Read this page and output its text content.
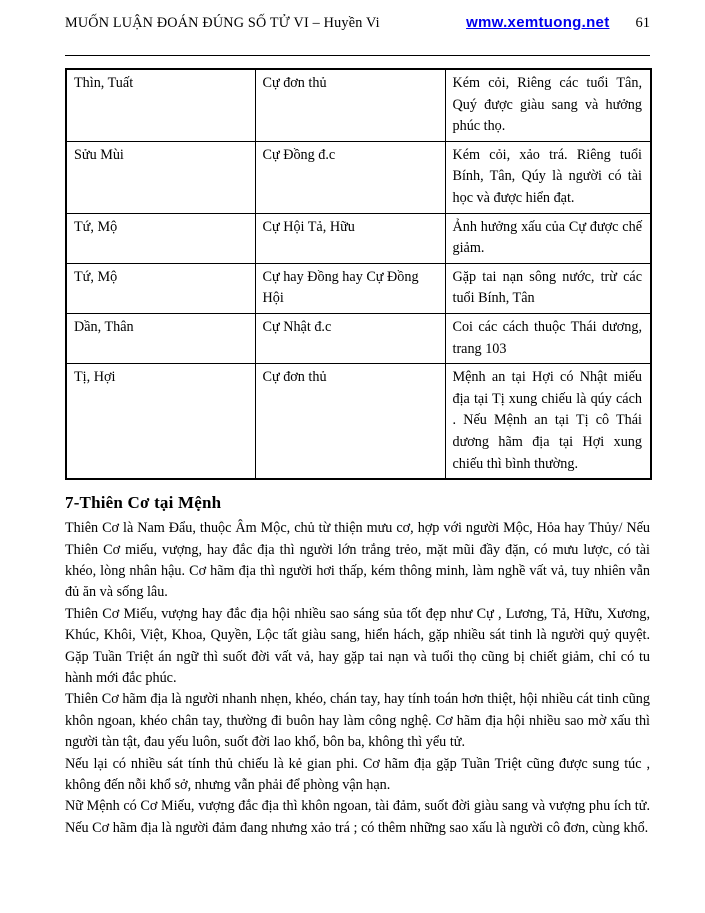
MUỐN LUẬN ĐOÁN ĐÚNG SỐ TỬ VI – Huyền Vi	wmw.xemtuong.net 61
Thìn, Tuất	Cự đơn thủ	Kém cỏi, Riêng các tuổi Tân, Quý được giàu sang và hưởng phúc thọ.
Sửu Mùi	Cự Đồng đ.c	Kém cỏi, xảo trá. Riêng tuổi Bính, Tân, Qúy là người có tài học và được hiển đạt.
Tứ, Mộ	Cự Hội Tả, Hữu	Ảnh hưởng xấu của Cự được chế giảm.
Tứ, Mộ	Cự hay Đồng hay Cự Đồng Hội	Gặp tai nạn sông nước, trừ các tuổi Bính, Tân
Dần, Thân	Cự Nhật đ.c	Coi các cách thuộc Thái dương, trang 103
Tị, Hợi	Cự đơn thủ	Mệnh an tại Hợi có Nhật miếu địa tại Tị xung chiếu là qúy cách . Nếu Mệnh an tại Tị cô Thái dương hãm địa tại Hợi xung chiếu thì bình thường.
7-Thiên Cơ tại Mệnh

Thiên Cơ là Nam Đẩu, thuộc Âm Mộc, chủ từ thiện mưu cơ, hợp với người Mộc, Hỏa hay Thủy/ Nếu Thiên Cơ miếu, vượng, hay đắc địa thì người lớn trắng trẻo, mặt mũi đầy đặn, có mưu lược, có tài khéo, lòng nhân hậu. Cơ hãm địa thì người hơi thấp, kém thông minh, làm nghề vất vả, tuy nhiên vẫn đủ ăn và sống lâu.

Thiên Cơ Miếu, vượng hay đắc địa hội nhiều sao sáng sủa tốt đẹp như Cự , Lương, Tả, Hữu, Xương, Khúc, Khôi, Việt, Khoa, Quyền, Lộc tất giàu sang, hiển hách, gặp nhiều sát tinh là người quỷ quyệt. Gặp Tuần Triệt án ngữ thì suốt đời vất vả, hay gặp tai nạn và tuổi thọ cũng bị chiết giảm, chỉ có tu hành mới đắc phúc.

Thiên Cơ hãm địa là người nhanh nhẹn, khéo, chán tay, hay tính toán hơn thiệt, hội nhiều cát tinh cũng khôn ngoan, khéo chân tay, thường đi buôn hay làm công nghệ. Cơ hãm địa hội nhiều sao mờ xấu thì người tàn tật, đau yếu luôn, suốt đời lao khổ, bôn ba, không thì yểu tử.

Nếu lại có nhiều sát tính thủ chiếu là kẻ gian phi. Cơ hãm địa gặp Tuần Triệt cũng được sung túc , không đến nỗi khổ sở, nhưng vẫn phải để phòng vận hạn.

Nữ Mệnh có Cơ Miếu, vượng đắc địa thì khôn ngoan, tài đảm, suốt đời giàu sang và vượng phu ích tử. Nếu Cơ hãm địa là người đảm đang nhưng xảo trá ; có thêm những sao xấu là người cô đơn, cùng khổ.
